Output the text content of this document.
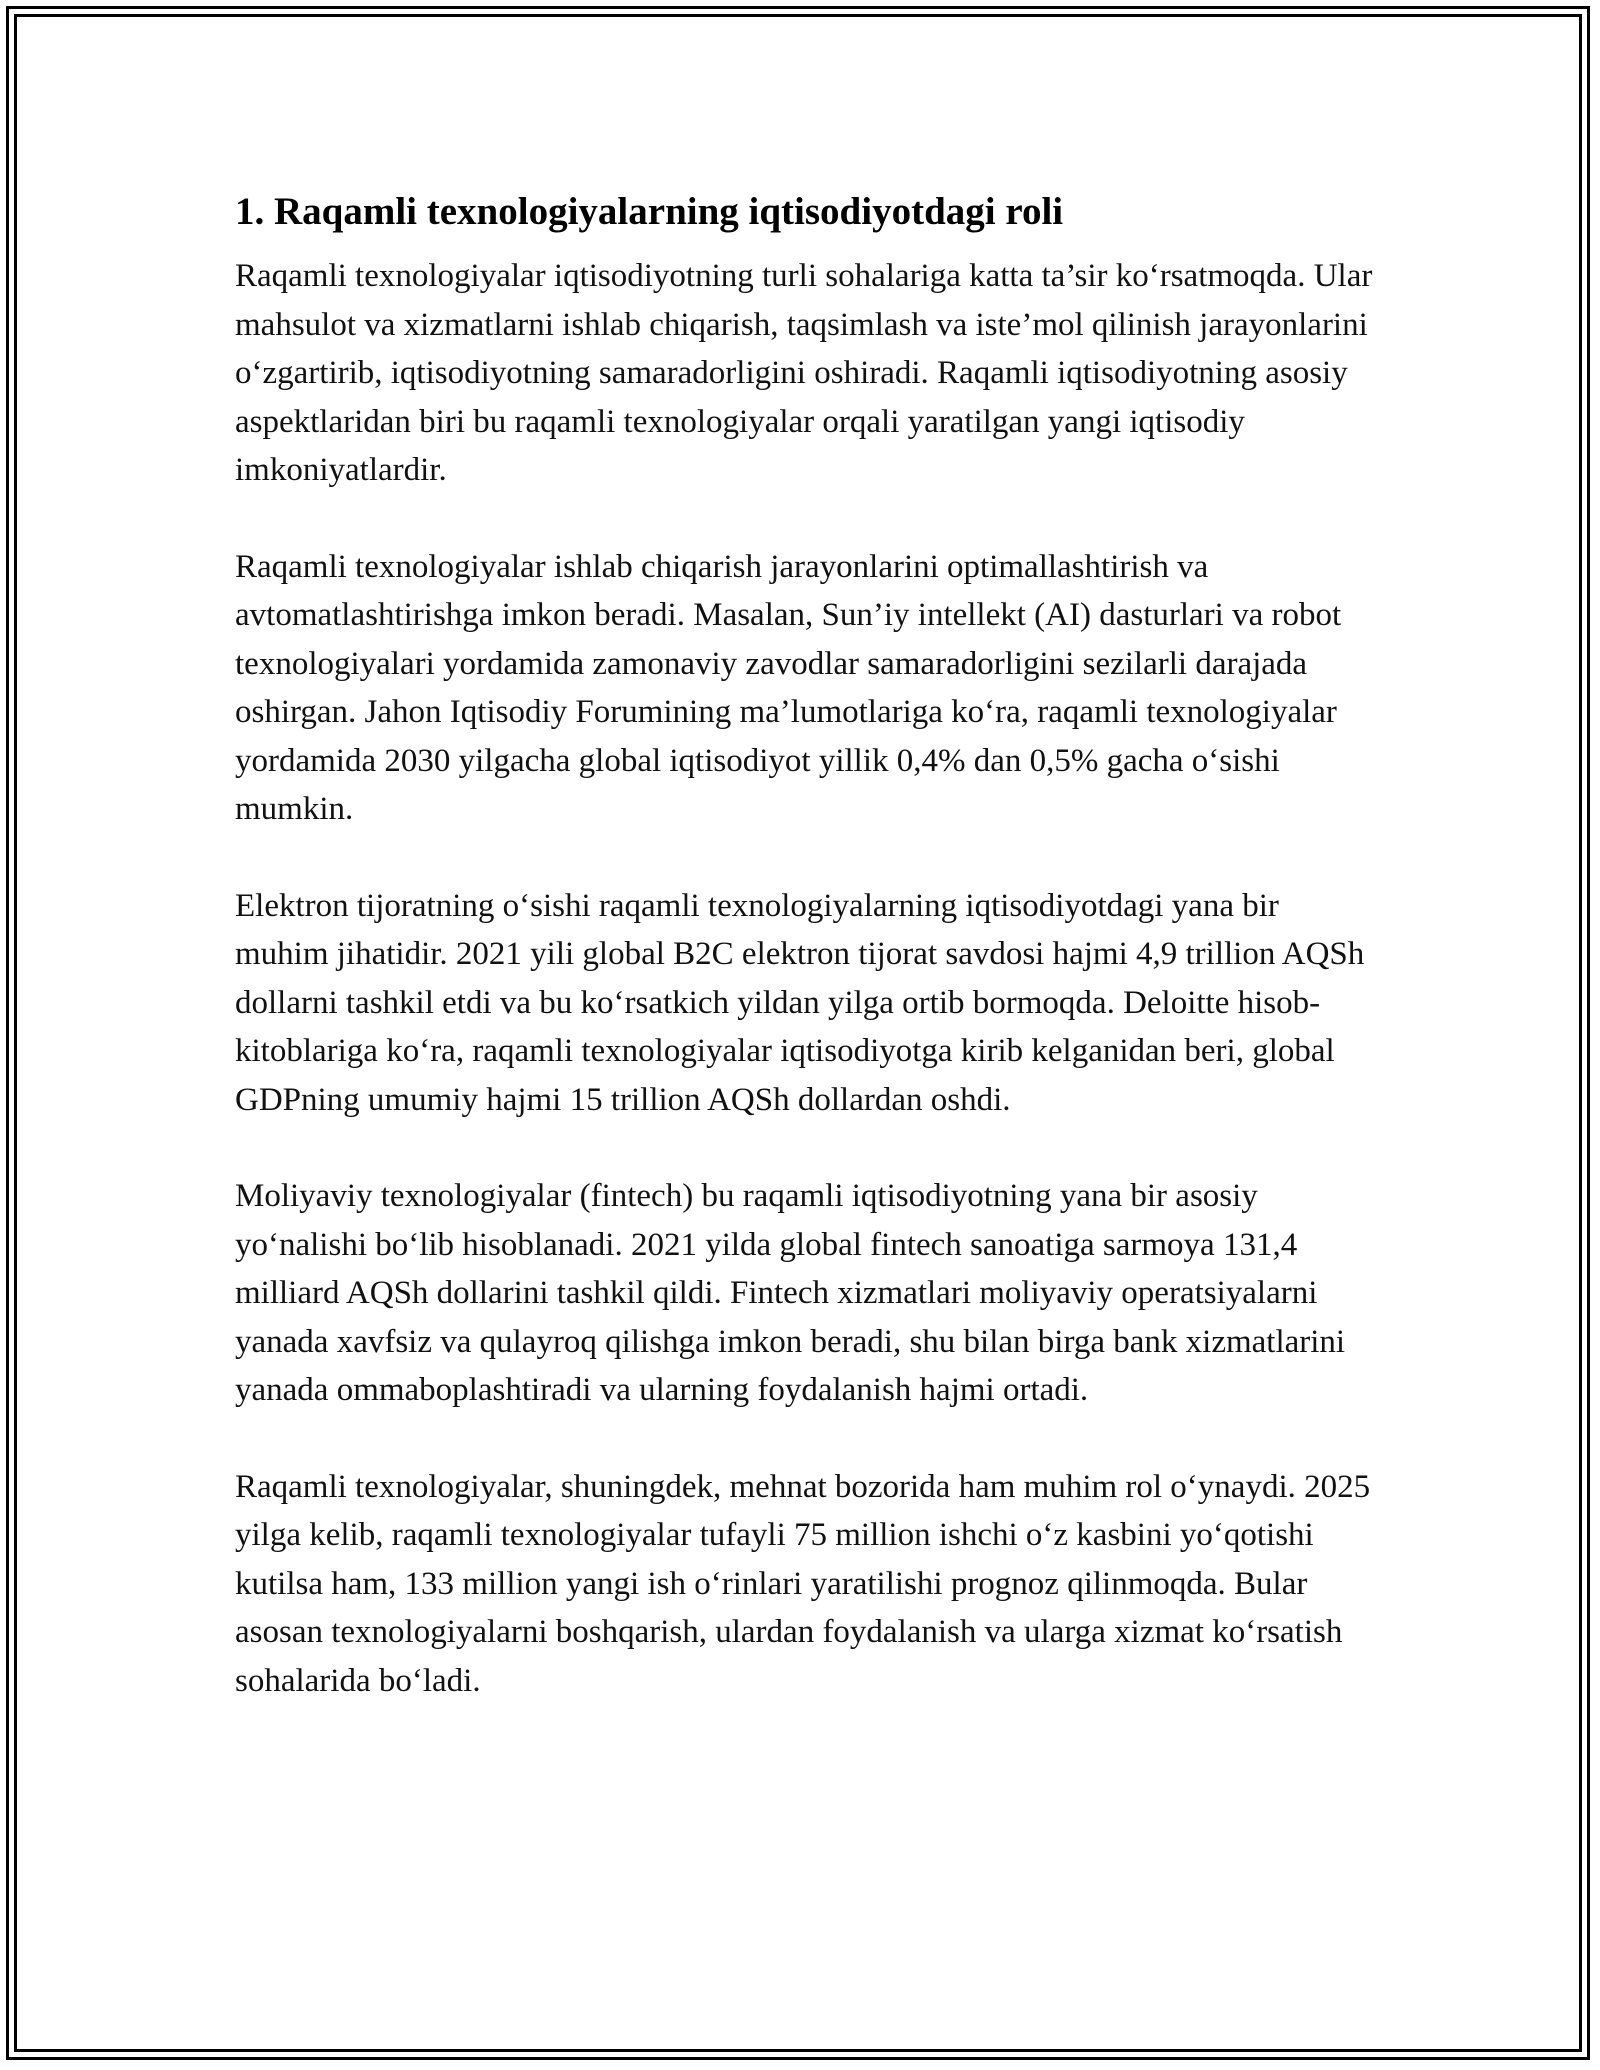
1. Raqamli texnologiyalarning iqtisodiyotdagi roli

Raqamli texnologiyalar iqtisodiyotning turli sohalariga katta ta’sir ko‘rsatmoqda. Ular mahsulot va xizmatlarni ishlab chiqarish, taqsimlash va iste’mol qilinish jarayonlarini o‘zgartirib, iqtisodiyotning samaradorligini oshiradi. Raqamli iqtisodiyotning asosiy aspektlaridan biri bu raqamli texnologiyalar orqali yaratilgan yangi iqtisodiy imkoniyatlardir.

Raqamli texnologiyalar ishlab chiqarish jarayonlarini optimallashtirish va avtomatlashtirishga imkon beradi. Masalan, Sun’iy intellekt (AI) dasturlari va robot texnologiyalari yordamida zamonaviy zavodlar samaradorligini sezilarli darajada oshirgan. Jahon Iqtisodiy Forumining ma’lumotlariga ko‘ra, raqamli texnologiyalar yordamida 2030 yilgacha global iqtisodiyot yillik 0,4% dan 0,5% gacha o‘sishi mumkin.

Elektron tijoratning o‘sishi raqamli texnologiyalarning iqtisodiyotdagi yana bir muhim jihatidir. 2021 yili global B2C elektron tijorat savdosi hajmi 4,9 trillion AQSh dollarni tashkil etdi va bu ko‘rsatkich yildan yilga ortib bormoqda. Deloitte hisob-kitoblariga ko‘ra, raqamli texnologiyalar iqtisodiyotga kirib kelganidan beri, global GDPning umumiy hajmi 15 trillion AQSh dollardan oshdi.

Moliyaviy texnologiyalar (fintech) bu raqamli iqtisodiyotning yana bir asosiy yo‘nalishi bo‘lib hisoblanadi. 2021 yilda global fintech sanoatiga sarmoya 131,4 milliard AQSh dollarini tashkil qildi. Fintech xizmatlari moliyaviy operatsiyalarni yanada xavfsiz va qulayroq qilishga imkon beradi, shu bilan birga bank xizmatlarini yanada ommaboplashtiradi va ularning foydalanish hajmi ortadi.

Raqamli texnologiyalar, shuningdek, mehnat bozorida ham muhim rol o‘ynaydi. 2025 yilga kelib, raqamli texnologiyalar tufayli 75 million ishchi o‘z kasbini yo‘qotishi kutilsa ham, 133 million yangi ish o‘rinlari yaratilishi prognoz qilinmoqda. Bular asosan texnologiyalarni boshqarish, ulardan foydalanish va ularga xizmat ko‘rsatish sohalarida bo‘ladi.
